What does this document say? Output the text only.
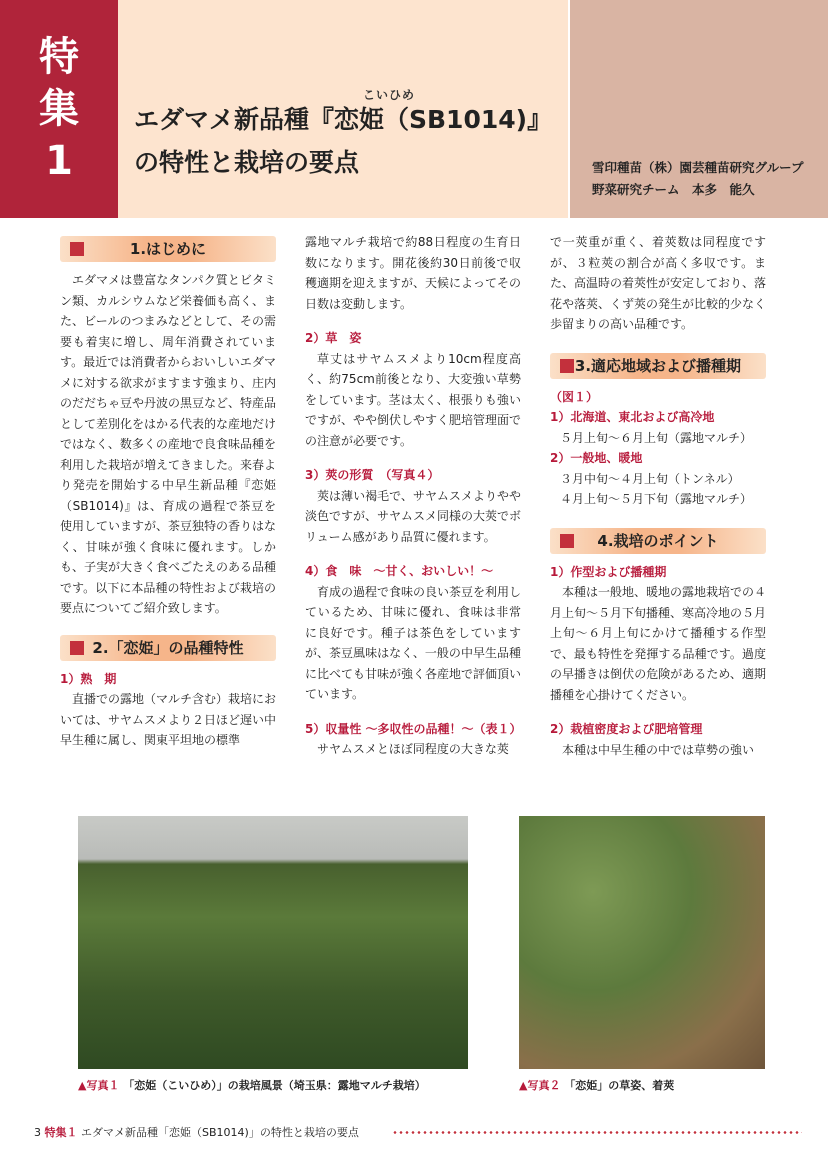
特
集
1
こいひめ
エダマメ新品種『恋姫（SB1014)』
の特性と栽培の要点	雪印種苗（株）園芸種苗研究グループ
野菜研究チーム　本多　能久
1.はじめに

エダマメは豊富なタンパク質とビタミン類、カルシウムなど栄養価も高く、また、ビールのつまみなどとして、その需要も着実に増し、周年消費されています。最近では消費者からおいしいエダマメに対する欲求がますます強まり、庄内のだだちゃ豆や丹波の黒豆など、特産品として差別化をはかる代表的な産地だけではなく、数多くの産地で良食味品種を利用した栽培が増えてきました。来春より発売を開始する中早生新品種『恋姫（SB1014)』は、育成の過程で茶豆を使用していますが、茶豆独特の香りはなく、甘味が強く食味に優れます。しかも、子実が大きく食べごたえのある品種です。以下に本品種の特性および栽培の要点についてご紹介致します。

2.「恋姫」の品種特性

1）熟　期

直播での露地（マルチ含む）栽培においては、サヤムスメより２日ほど遅い中早生種に属し、関東平坦地の標準

露地マルチ栽培で約88日程度の生育日数になります。開花後約30日前後で収穫適期を迎えますが、天候によってその日数は変動します。

2）草　姿

草丈はサヤムスメより10cm程度高く、約75cm前後となり、大変強い草勢をしています。茎は太く、根張りも強いですが、やや倒伏しやすく肥培管理面での注意が必要です。

3）莢の形質　（写真４）

莢は薄い褐毛で、サヤムスメよりやや淡色ですが、サヤムスメ同様の大莢でボリューム感があり品質に優れます。

4）食　味　～甘く、おいしい！～

育成の過程で食味の良い茶豆を利用しているため、甘味に優れ、食味は非常に良好です。種子は茶色をしていますが、茶豆風味はなく、一般の中早生品種に比べても甘味が強く各産地で評価頂いています。

5）収量性 ～多収性の品種！～（表１）

サヤムスメとほぼ同程度の大きな莢

で一莢重が重く、着莢数は同程度ですが、３粒莢の割合が高く多収です。また、高温時の着莢性が安定しており、落花や落莢、くず莢の発生が比較的少なく歩留まりの高い品種です。

3.適応地域および播種期

（図１）

1）北海道、東北および高冷地

５月上旬～６月上旬（露地マルチ）

2）一般地、暖地

３月中旬～４月上旬（トンネル）

４月上旬～５月下旬（露地マルチ）

4.栽培のポイント

1）作型および播種期

本種は一般地、暖地の露地栽培での４月上旬～５月下旬播種、寒高冷地の５月上旬～６月上旬にかけて播種する作型で、最も特性を発揮する品種です。過度の早播きは倒伏の危険があるため、適期播種を心掛けてください。

2）栽植密度および肥培管理

本種は中早生種の中では草勢の強い

▲写真１ 「恋姫（こいひめ）」の栽培風景（埼玉県：露地マルチ栽培）	▲写真２ 「恋姫」の草姿、着莢
3 特集１ エダマメ新品種「恋姫（SB1014)」の特性と栽培の要点
